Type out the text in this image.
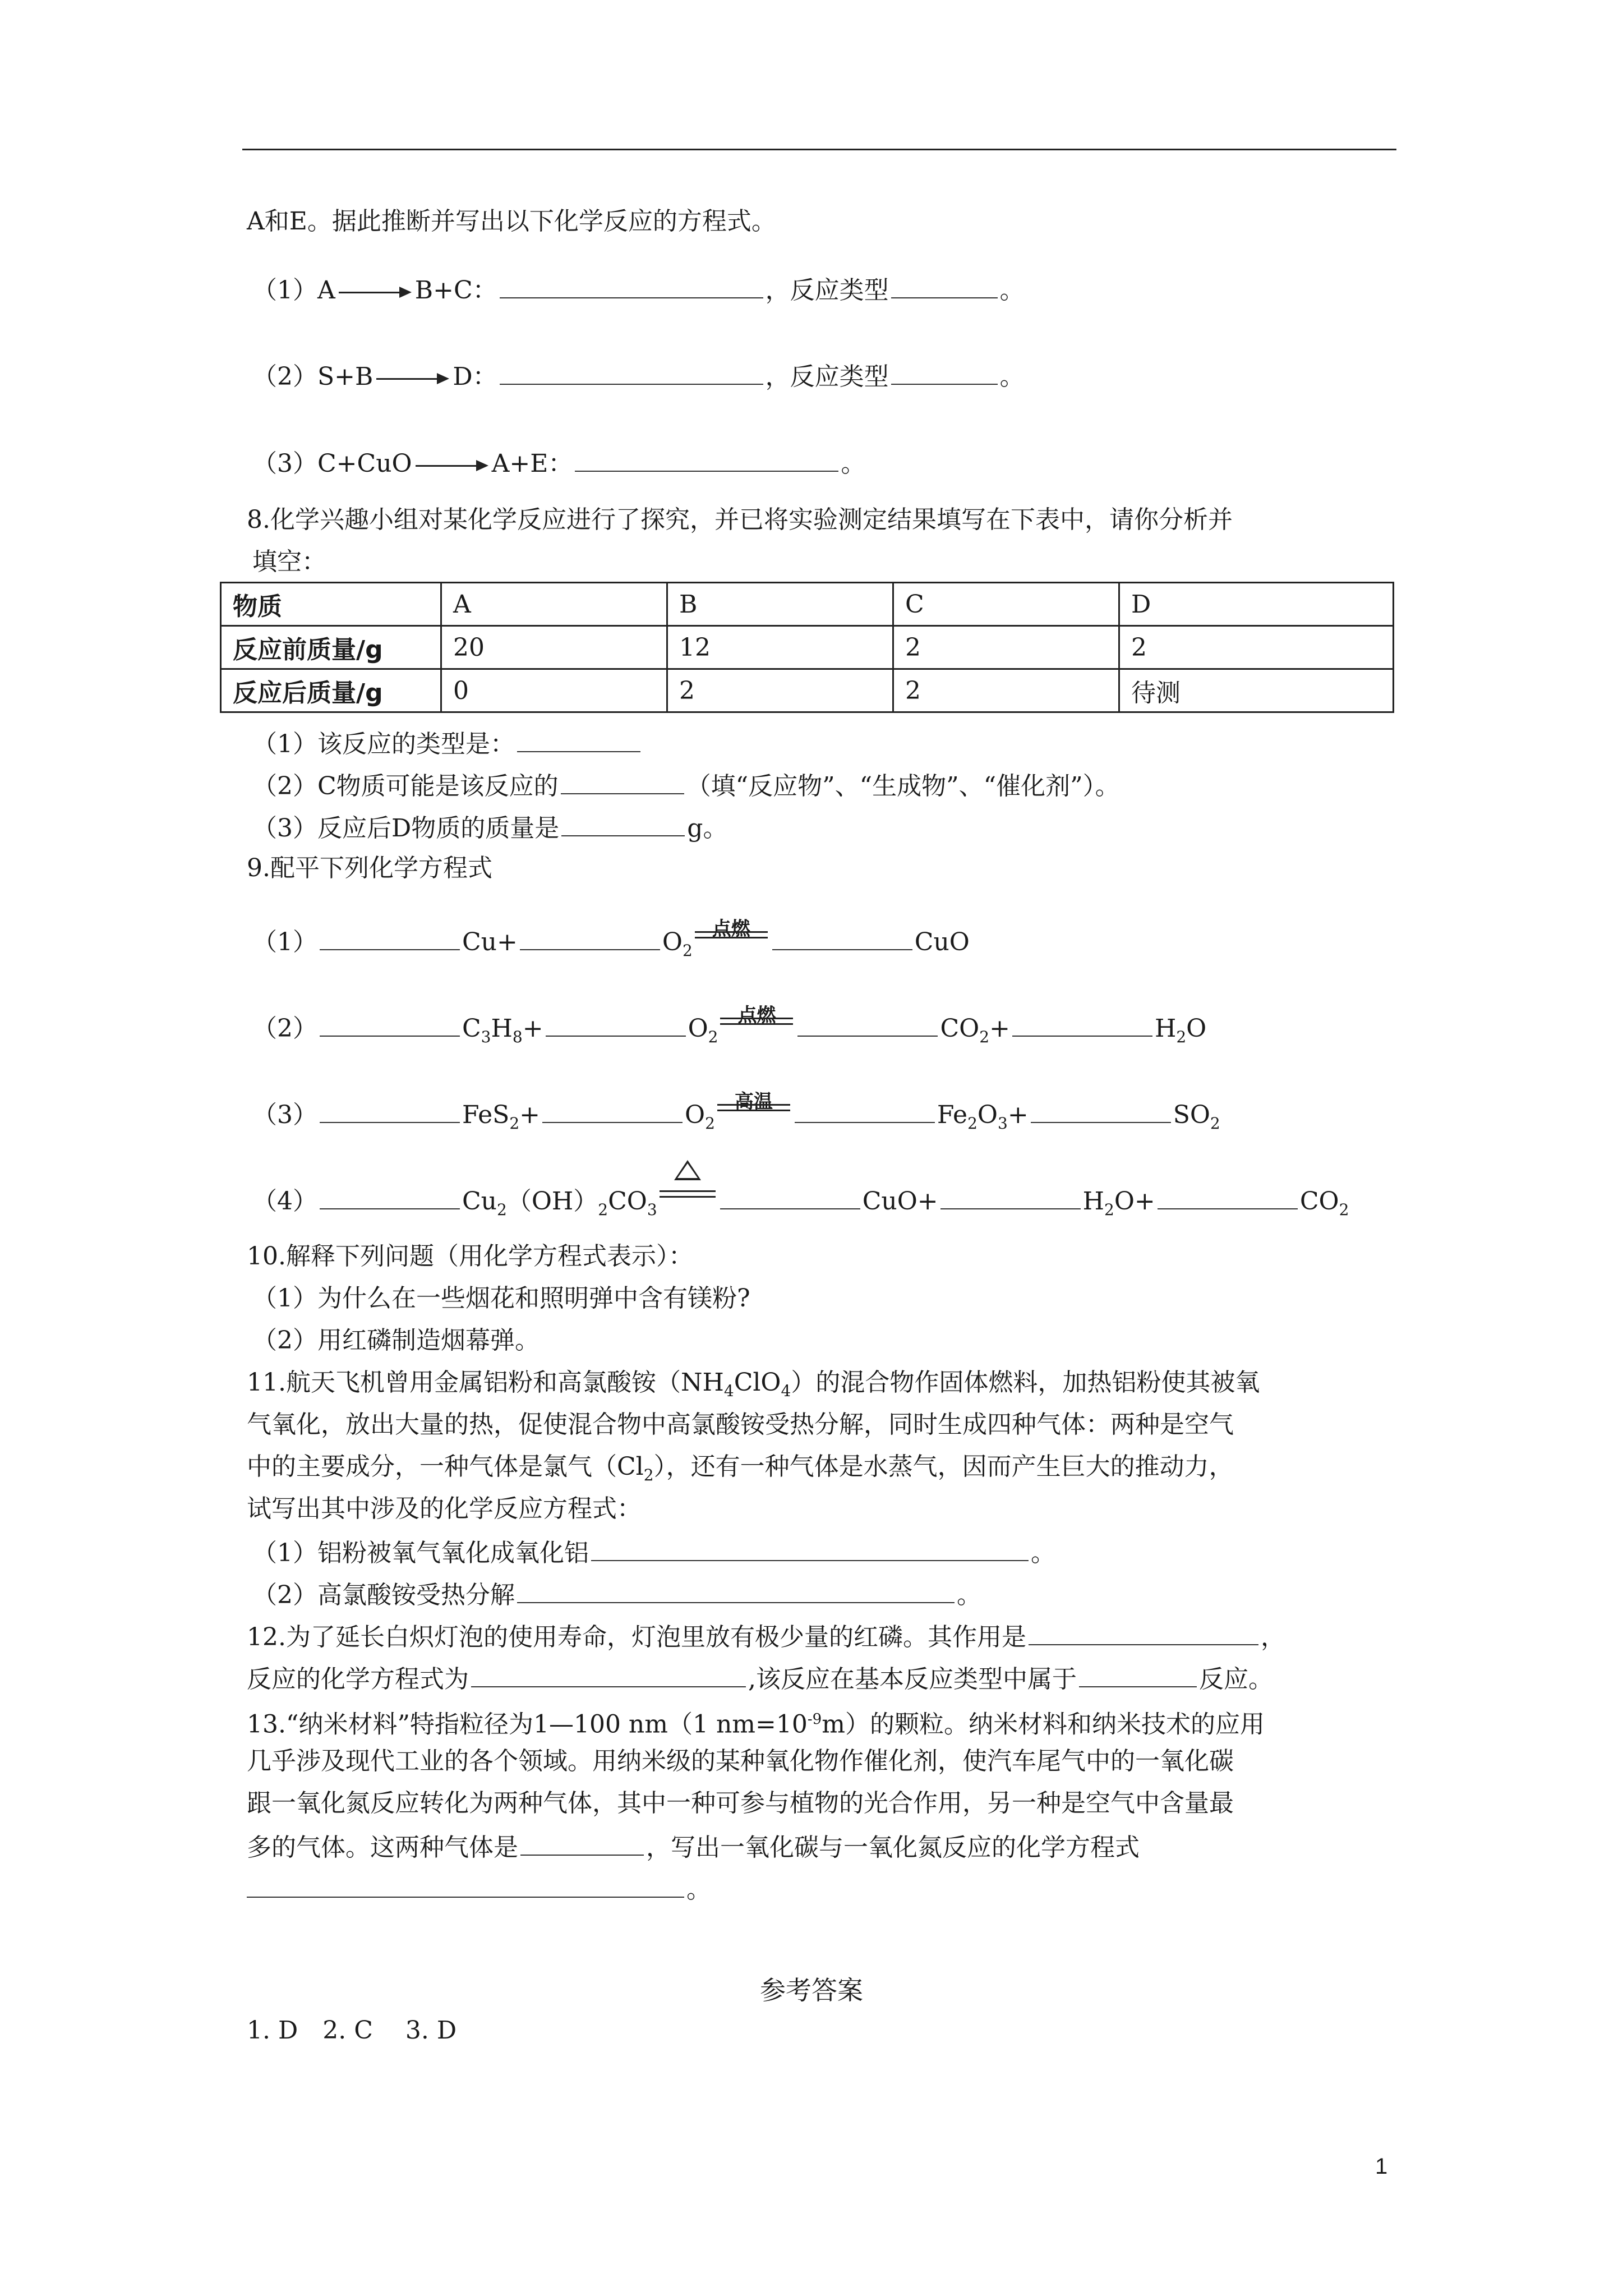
A和E。据此推断并写出以下化学反应的方程式。
（1）A	B+C：	，反应类型	。
（2）S+B	D：	，反应类型	。
（3）C+CuO	A+E：	。
8.化学兴趣小组对某化学反应进行了探究，并已将实验测定结果填写在下表中，请你分析并
填空：
物质	A	B	C	D
反应前质量/g	20	12	2	2
反应后质量/g	0	2	2	待测
（1）该反应的类型是：
（2）C物质可能是该反应的	（填“反应物”、“生成物”、“催化剂”）。
（3）反应后D物质的质量是	g。
9.配平下列化学方程式
（1）	Cu+	$O_2$
点燃	CuO
（2）	$C_3H_8+$	$O_2$
点燃	$CO_2+$	$H_2O$
（3）	FeS$_2$+	$O_2$
高温	$Fe_2O_3+$	$SO_2$
（4）	$Cu_2(OH)_2CO_3$	CuO+	$H_2O+$	$CO_2$
10.解释下列问题（用化学方程式表示）：
（1）为什么在一些烟花和照明弹中含有镁粉?
（2）用红磷制造烟幕弹。
11.航天飞机曾用金属铝粉和高氯酸铵$(NH_4ClO_4)$的混合物作固体燃料，加热铝粉使其被氧
气氧化，放出大量的热，促使混合物中高氯酸铵受热分解，同时生成四种气体：两种是空气
中的主要成分，一种气体是氯气$(Cl_2)$，还有一种气体是水蒸气，因而产生巨大的推动力，
试写出其中涉及的化学反应方程式：
（1）铝粉被氧气氧化成氧化铝	。
（2）高氯酸铵受热分解	。
12.为了延长白炽灯泡的使用寿命，灯泡里放有极少量的红磷。其作用是	，
反应的化学方程式为	,该反应在基本反应类型中属于	反应。
13.“纳米材料”特指粒径为1—100 nm（1 $nm=10^{-9}m$）的颗粒。纳米材料和纳米技术的应用
几乎涉及现代工业的各个领域。用纳米级的某种氧化物作催化剂，使汽车尾气中的一氧化碳
跟一氧化氮反应转化为两种气体，其中一种可参与植物的光合作用，另一种是空气中含量最
多的气体。这两种气体是	，写出一氧化碳与一氧化氮反应的化学方程式
。
参考答案
1. D　2. C　 3. D
1
